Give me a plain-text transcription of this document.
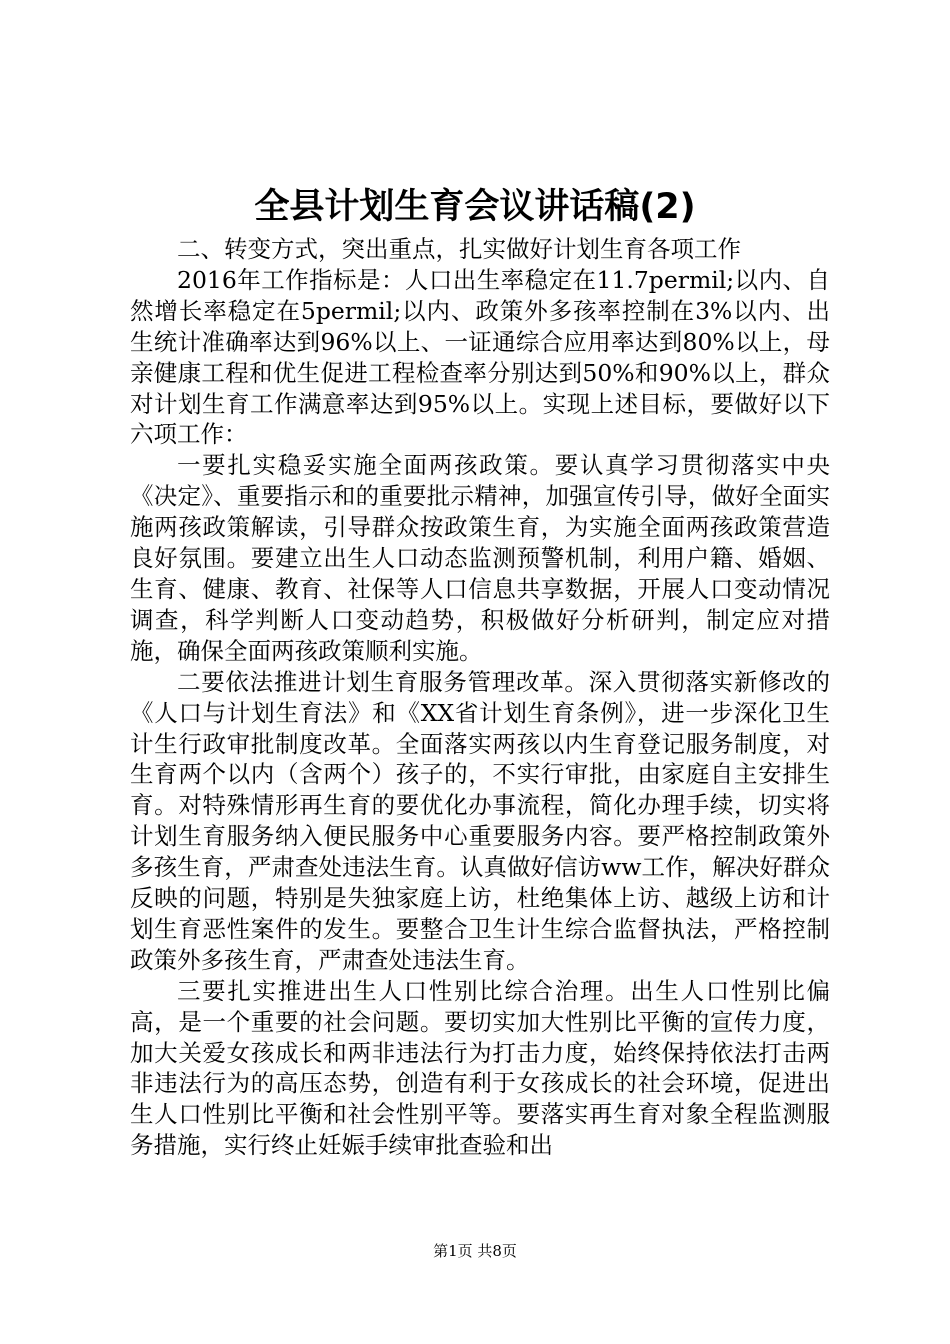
全县计划生育会议讲话稿(2)

二、转变方式，突出重点，扎实做好计划生育各项工作

2016年工作指标是：人口出生率稳定在11.7permil;以内、自然增长率稳定在5permil;以内、政策外多孩率控制在3%以内、出生统计准确率达到96%以上、一证通综合应用率达到80%以上，母亲健康工程和优生促进工程检查率分别达到50%和90%以上，群众对计划生育工作满意率达到95%以上。实现上述目标，要做好以下六项工作：

一要扎实稳妥实施全面两孩政策。要认真学习贯彻落实中央《决定》、重要指示和的重要批示精神，加强宣传引导，做好全面实施两孩政策解读，引导群众按政策生育，为实施全面两孩政策营造良好氛围。要建立出生人口动态监测预警机制，利用户籍、婚姻、生育、健康、教育、社保等人口信息共享数据，开展人口变动情况调查，科学判断人口变动趋势，积极做好分析研判，制定应对措施，确保全面两孩政策顺利实施。

二要依法推进计划生育服务管理改革。深入贯彻落实新修改的《人口与计划生育法》和《XX省计划生育条例》，进一步深化卫生计生行政审批制度改革。全面落实两孩以内生育登记服务制度，对生育两个以内（含两个）孩子的，不实行审批，由家庭自主安排生育。对特殊情形再生育的要优化办事流程，简化办理手续，切实将计划生育服务纳入便民服务中心重要服务内容。要严格控制政策外多孩生育，严肃查处违法生育。认真做好信访ww工作，解决好群众反映的问题，特别是失独家庭上访，杜绝集体上访、越级上访和计划生育恶性案件的发生。要整合卫生计生综合监督执法，严格控制政策外多孩生育，严肃查处违法生育。

三要扎实推进出生人口性别比综合治理。出生人口性别比偏高，是一个重要的社会问题。要切实加大性别比平衡的宣传力度，加大关爱女孩成长和两非违法行为打击力度，始终保持依法打击两非违法行为的高压态势，创造有利于女孩成长的社会环境，促进出生人口性别比平衡和社会性别平等。要落实再生育对象全程监测服务措施，实行终止妊娠手续审批查验和出

第1页 共8页
